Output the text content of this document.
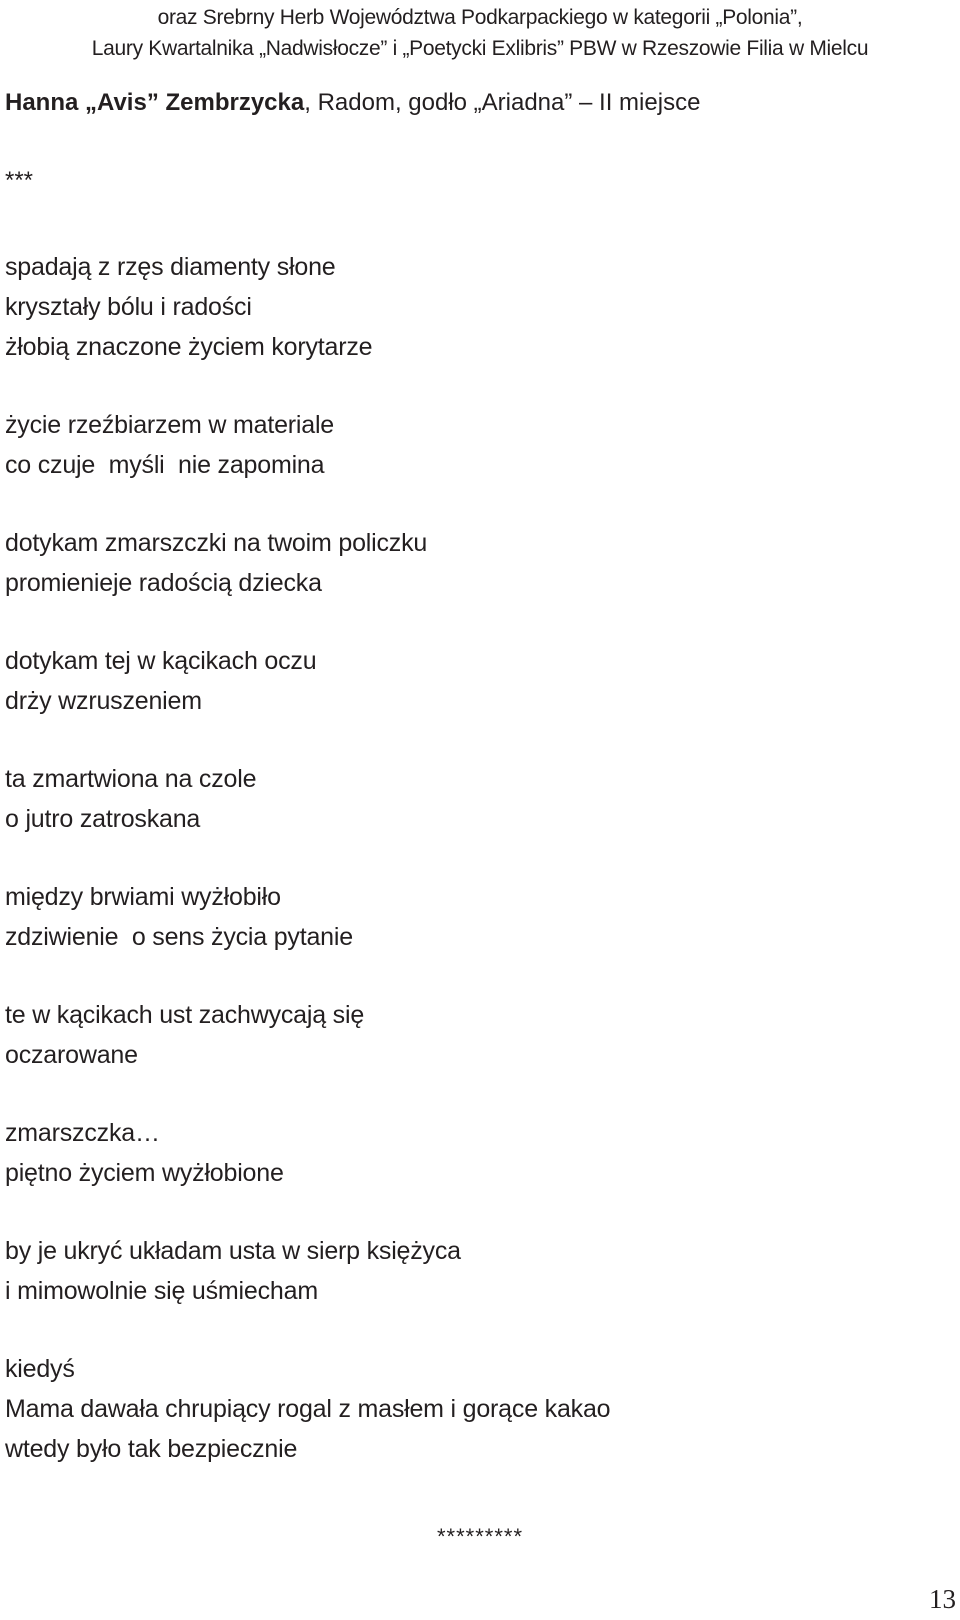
oraz Srebrny Herb Województwa Podkarpackiego w kategorii „Polonia”,
Laury Kwartalnika „Nadwisłocze” i „Poetycki Exlibris” PBW w Rzeszowie Filia w Mielcu
Hanna „Avis” Zembrzycka, Radom, godło „Ariadna” – II miejsce
***
spadają z rzęs diamenty słone
kryształy bólu i radości
żłobią znaczone życiem korytarze
życie rzeźbiarzem w materiale
co czuje  myśli  nie zapomina
dotykam zmarszczki na twoim policzku
promienieje radością dziecka
dotykam tej w kącikach oczu
drży wzruszeniem
ta zmartwiona na czole
o jutro zatroskana
między brwiami wyżłobiło
zdziwienie  o sens życia pytanie
te w kącikach ust zachwycają się
oczarowane
zmarszczka…
piętno życiem wyżłobione
by je ukryć układam usta w sierp księżyca
i mimowolnie się uśmiecham
kiedyś
Mama dawała chrupiący rogal z masłem i gorące kakao
wtedy było tak bezpiecznie
*********
13
